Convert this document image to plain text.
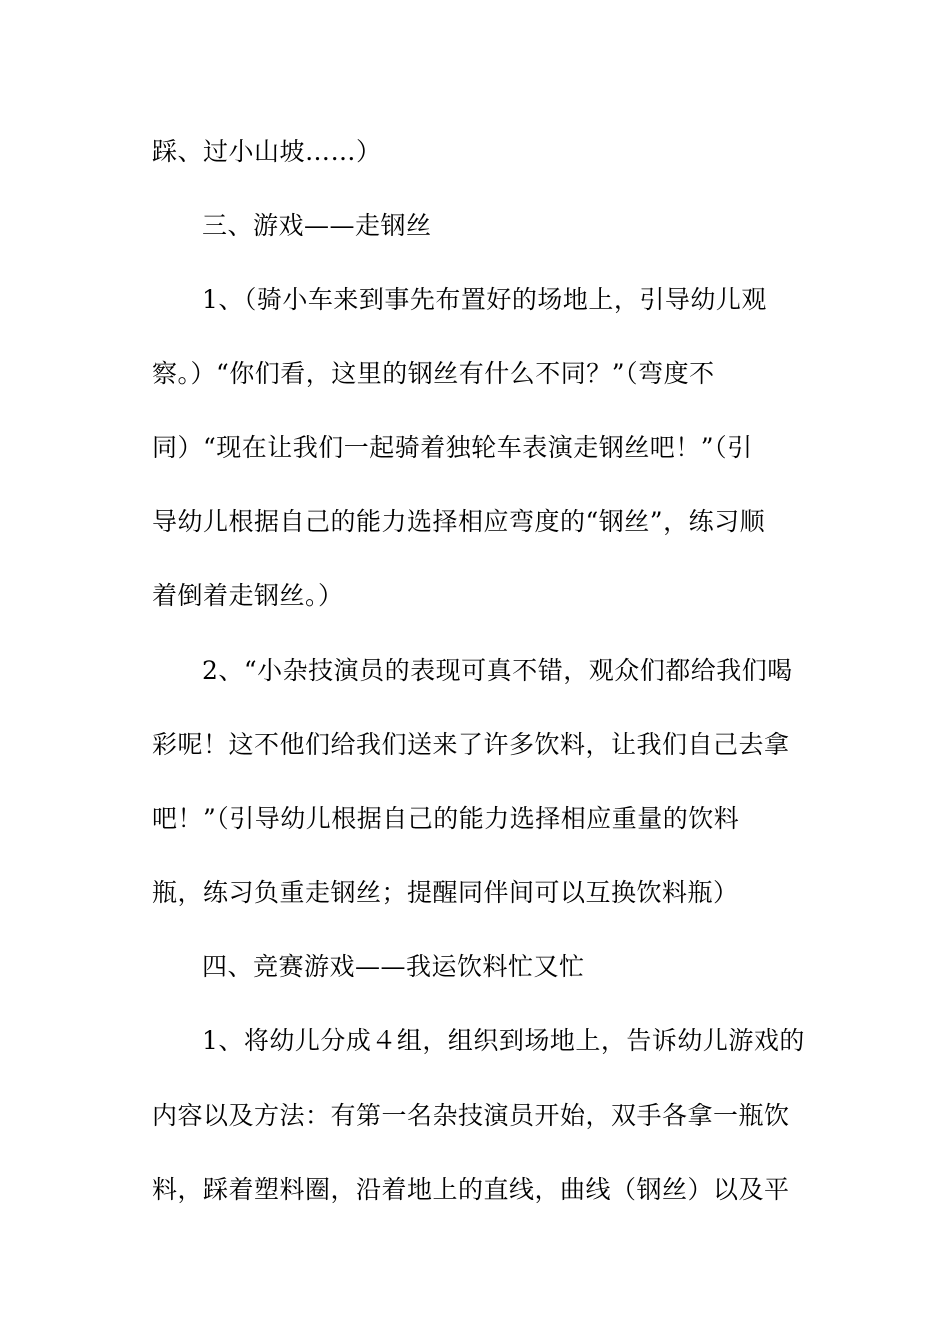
踩、过小山坡……）
三、游戏——走钢丝
1、（骑小车来到事先布置好的场地上，引导幼儿观
察。）“你们看，这里的钢丝有什么不同？”（弯度不
同）“现在让我们一起骑着独轮车表演走钢丝吧！”（引
导幼儿根据自己的能力选择相应弯度的“钢丝”，练习顺
着倒着走钢丝。）
2、“小杂技演员的表现可真不错，观众们都给我们喝
彩呢！这不他们给我们送来了许多饮料，让我们自己去拿
吧！”（引导幼儿根据自己的能力选择相应重量的饮料
瓶，练习负重走钢丝；提醒同伴间可以互换饮料瓶）
四、竞赛游戏——我运饮料忙又忙
1、将幼儿分成４组，组织到场地上，告诉幼儿游戏的
内容以及方法：有第一名杂技演员开始，双手各拿一瓶饮
料，踩着塑料圈，沿着地上的直线，曲线（钢丝）以及平
